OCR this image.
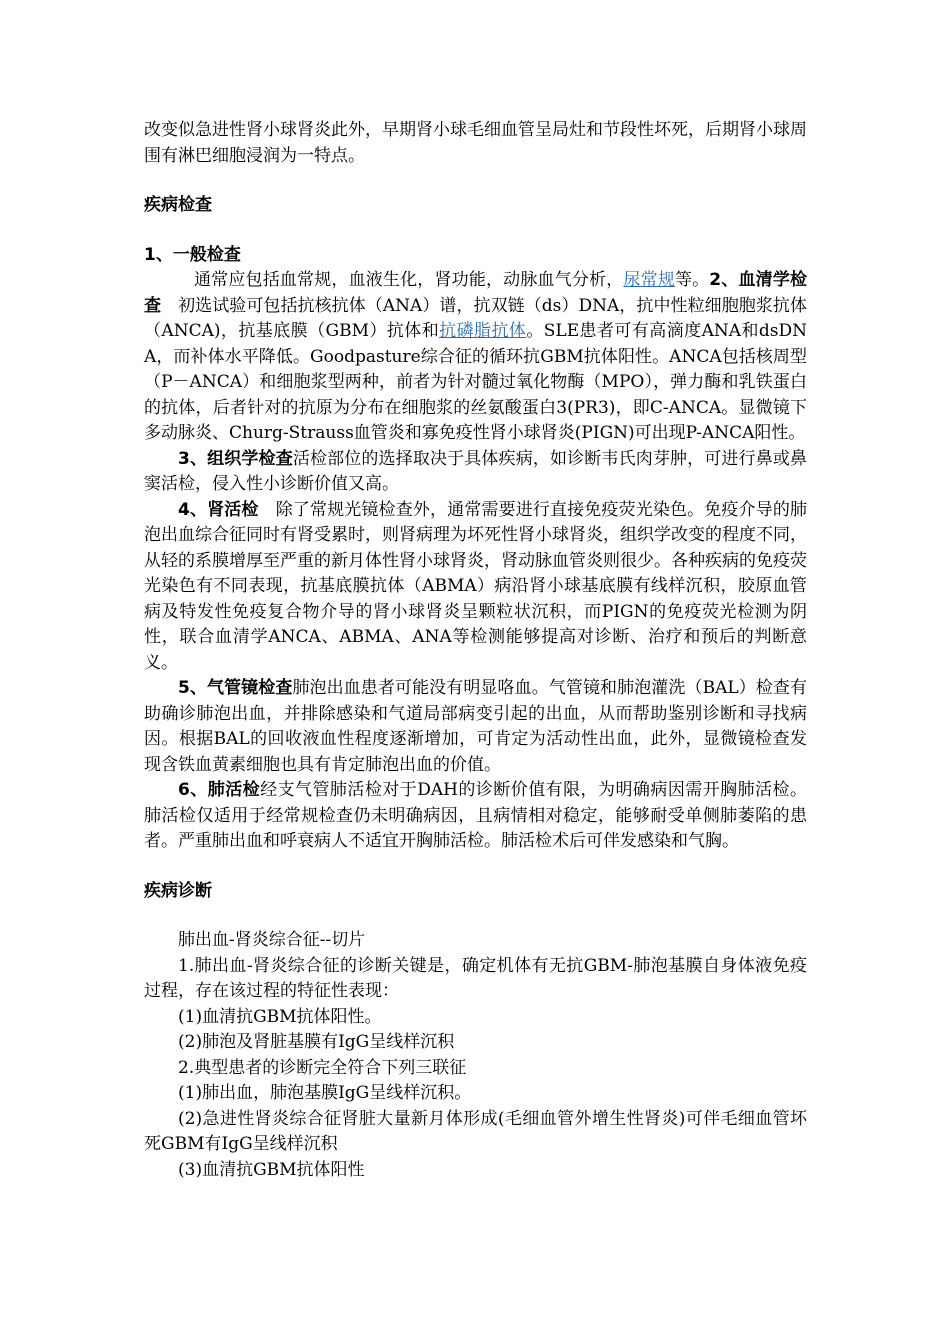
改变似急进性肾小球肾炎此外，早期肾小球毛细血管呈局灶和节段性坏死，后期肾小球周围有淋巴细胞浸润为一特点。

疾病检查
1、一般检查

通常应包括血常规，血液生化，肾功能，动脉血气分析，尿常规等。2、血清学检查　初选试验可包括抗核抗体（ANA）谱，抗双链（ds）DNA，抗中性粒细胞胞浆抗体（ANCA)，抗基底膜（GBM）抗体和抗磷脂抗体。SLE患者可有高滴度ANA和dsDNA，而补体水平降低。Goodpasture综合征的循环抗GBM抗体阳性。ANCA包括核周型（P－ANCA）和细胞浆型两种，前者为针对髓过氧化物酶（MPO），弹力酶和乳铁蛋白的抗体，后者针对的抗原为分布在细胞浆的丝氨酸蛋白3(PR3)，即C-ANCA。显微镜下多动脉炎、Churg-Strauss血管炎和寡免疫性肾小球肾炎(PIGN)可出现P-ANCA阳性。

3、组织学检查活检部位的选择取决于具体疾病，如诊断韦氏肉芽肿，可进行鼻或鼻窦活检，侵入性小诊断价值又高。

4、肾活检　除了常规光镜检查外，通常需要进行直接免疫荧光染色。免疫介导的肺泡出血综合征同时有肾受累时，则肾病理为坏死性肾小球肾炎，组织学改变的程度不同，从轻的系膜增厚至严重的新月体性肾小球肾炎，肾动脉血管炎则很少。各种疾病的免疫荧光染色有不同表现，抗基底膜抗体（ABMA）病沿肾小球基底膜有线样沉积，胶原血管病及特发性免疫复合物介导的肾小球肾炎呈颗粒状沉积，而PIGN的免疫荧光检测为阴性，联合血清学ANCA、ABMA、ANA等检测能够提高对诊断、治疗和预后的判断意义。

5、气管镜检查肺泡出血患者可能没有明显咯血。气管镜和肺泡灌洗（BAL）检查有助确诊肺泡出血，并排除感染和气道局部病变引起的出血，从而帮助鉴别诊断和寻找病因。根据BAL的回收液血性程度逐渐增加，可肯定为活动性出血，此外，显微镜检查发现含铁血黄素细胞也具有肯定肺泡出血的价值。

6、肺活检经支气管肺活检对于DAH的诊断价值有限，为明确病因需开胸肺活检。肺活检仅适用于经常规检查仍未明确病因，且病情相对稳定，能够耐受单侧肺萎陷的患者。严重肺出血和呼衰病人不适宜开胸肺活检。肺活检术后可伴发感染和气胸。

疾病诊断

肺出血-肾炎综合征--切片

1.肺出血-肾炎综合征的诊断关键是，确定机体有无抗GBM-肺泡基膜自身体液免疫过程，存在该过程的特征性表现：

(1)血清抗GBM抗体阳性。

(2)肺泡及肾脏基膜有IgG呈线样沉积

2.典型患者的诊断完全符合下列三联征

(1)肺出血，肺泡基膜IgG呈线样沉积。

(2)急进性肾炎综合征肾脏大量新月体形成(毛细血管外增生性肾炎)可伴毛细血管坏死GBM有IgG呈线样沉积

(3)血清抗GBM抗体阳性
